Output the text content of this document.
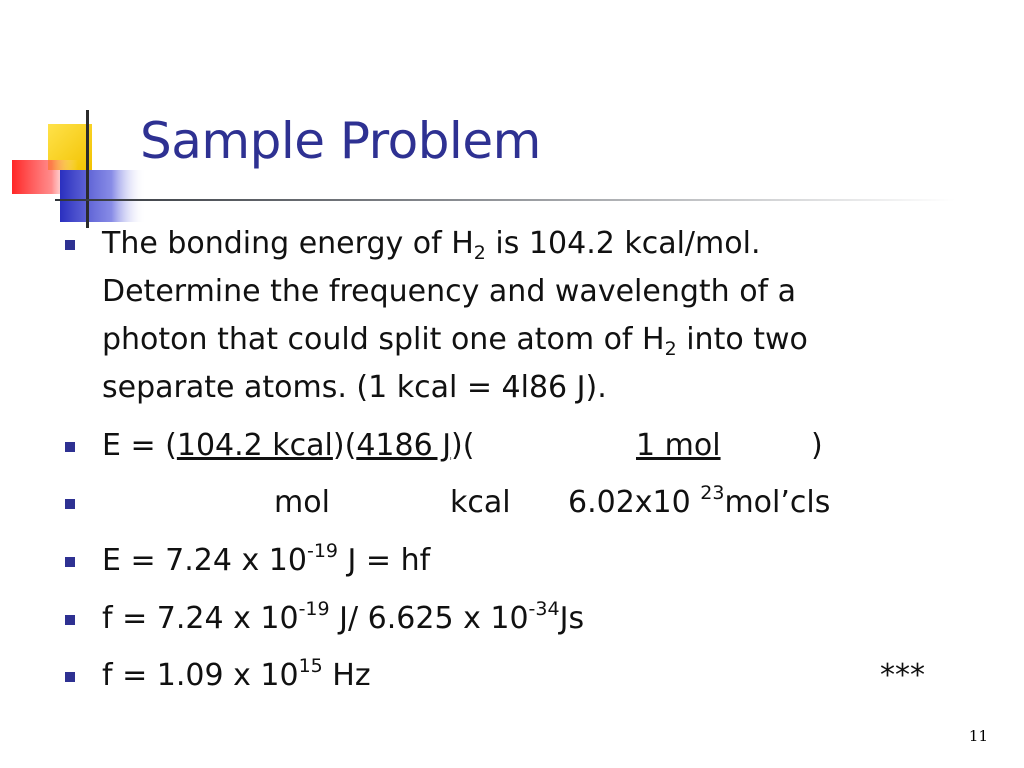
Sample Problem
The bonding energy of $H_2$ is 104.2 kcal/mol.
Determine the frequency and wavelength of a
photon that could split one atom of $H_2$ into two
separate atoms. (1 kcal = 4l86 J).
E = (104.2 kcal)(4186 J)(	1 mol	)
mol	kcal 6.02x10 $^{23}$mol’cls
E = 7.24 x $10^{-19}$ J = hf
f = 7.24 x $10^{-19}$ J/ 6.625 x $10^{-34}Js$
f = 1.09 x $10^{15}$ Hz	***
11
